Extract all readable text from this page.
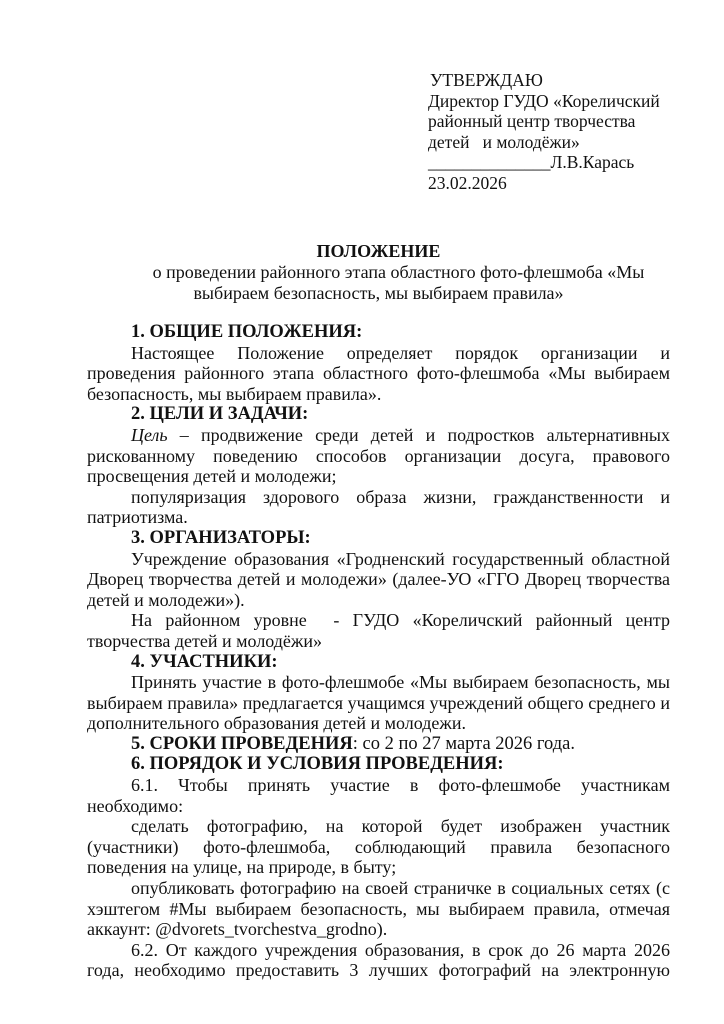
УТВЕРЖДАЮ
Директор ГУДО «Кореличский
районный центр творчества
детей   и молодёжи»
______________Л.В.Карась
23.02.2026
ПОЛОЖЕНИЕ
о проведении районного этапа областного фото-флешмоба «Мы
выбираем безопасность, мы выбираем правила»
1. ОБЩИЕ ПОЛОЖЕНИЯ:

Настоящее Положение определяет порядок организации и проведения районного этапа областного фото-флешмоба «Мы выбираем безопасность, мы выбираем правила».

2. ЦЕЛИ И ЗАДАЧИ:

Цель – продвижение среди детей и подростков альтернативных рискованному поведению способов организации досуга, правового просвещения детей и молодежи;

популяризация здорового образа жизни, гражданственности и патриотизма.

3. ОРГАНИЗАТОРЫ:

Учреждение образования «Гродненский государственный областной Дворец творчества детей и молодежи» (далее-УО «ГГО Дворец творчества детей и молодежи»).

На районном уровне  - ГУДО «Кореличский районный центр творчества детей и молодёжи»

4. УЧАСТНИКИ:

Принять участие в фото-флешмобе «Мы выбираем безопасность, мы выбираем правила» предлагается учащимся учреждений общего среднего и дополнительного образования детей и молодежи.

5. СРОКИ ПРОВЕДЕНИЯ: со 2 по 27 марта 2026 года.

6. ПОРЯДОК И УСЛОВИЯ ПРОВЕДЕНИЯ:

6.1. Чтобы принять участие в фото-флешмобе участникам необходимо:

сделать фотографию, на которой будет изображен участник (участники) фото-флешмоба, соблюдающий правила безопасного поведения на улице, на природе, в быту;

опубликовать фотографию на своей страничке в социальных сетях (с хэштегом #Мы выбираем безопасность, мы выбираем правила, отмечая аккаунт: @dvorets_tvorchestva_grodno).

6.2. От каждого учреждения образования, в срок до 26 марта 2026 года, необходимо предоставить 3 лучших фотографий на электронную
